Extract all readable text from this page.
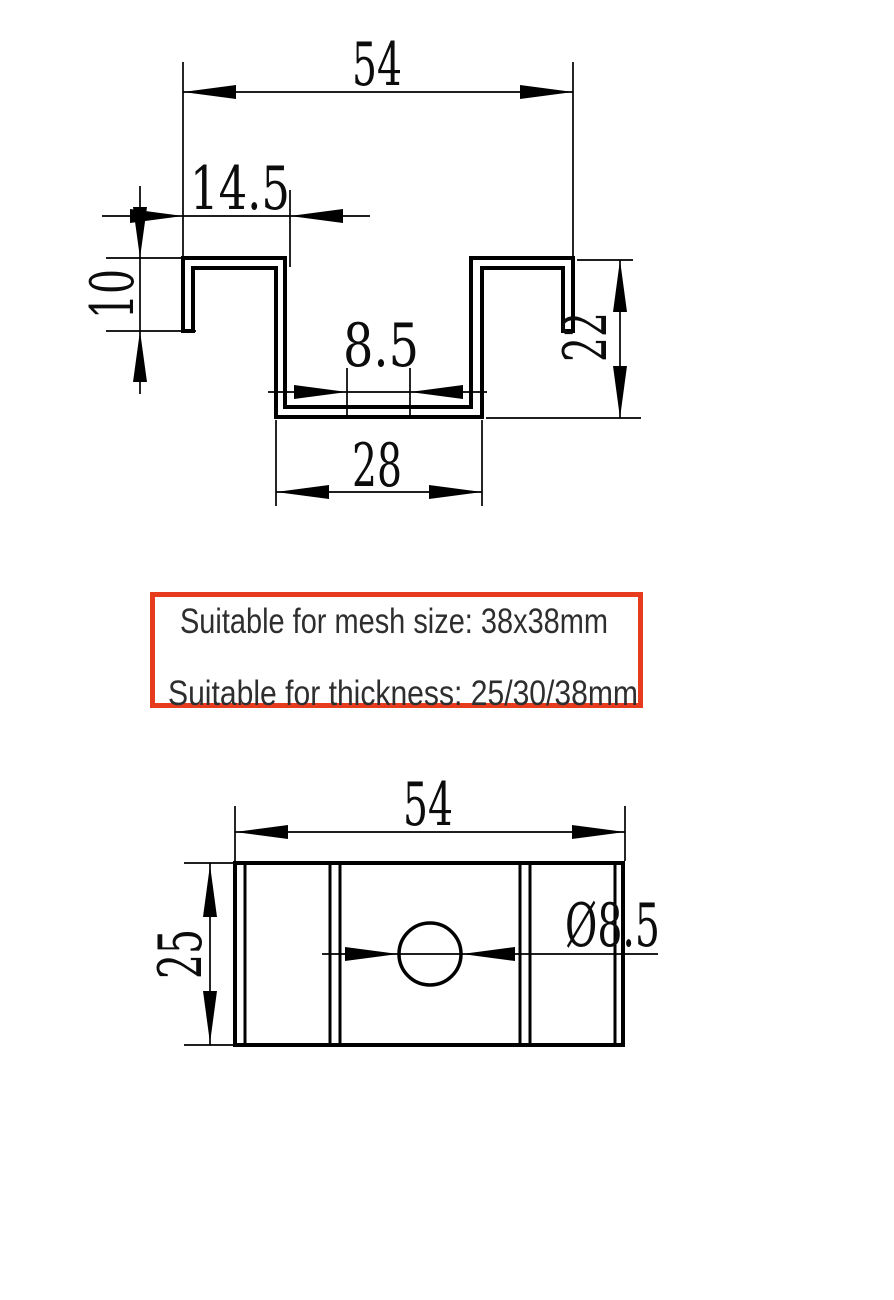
54
14.5
10
8.5
28
22
Suitable for mesh size: 38x38mm
Suitable for thickness: 25/30/38mm
Ø8.5
54
25
